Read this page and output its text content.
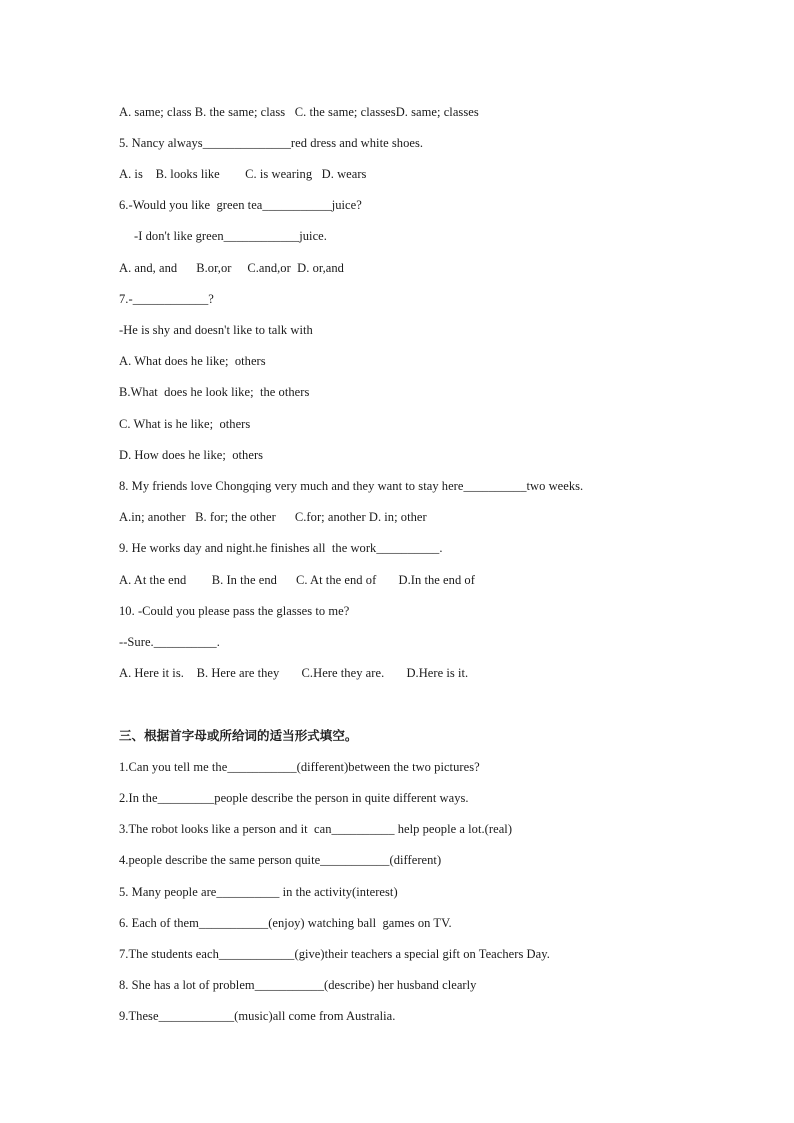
A. same; class B. the same; class   C. the same; classesD. same; classes
5. Nancy always______________red dress and white shoes.
A. is    B. looks like        C. is wearing   D. wears
6.-Would you like  green tea___________juice?
-I don't like green____________juice.
A. and, and      B.or,or     C.and,or  D. or,and
7.-____________?
-He is shy and doesn't like to talk with
A. What does he like;  others
B.What  does he look like;  the others
C. What is he like;  others
D. How does he like;  others
8. My friends love Chongqing very much and they want to stay here__________two weeks.
A.in; another   B. for; the other      C.for; another D. in; other
9. He works day and night.he finishes all  the work__________.
A. At the end        B. In the end      C. At the end of       D.In the end of
10. -Could you please pass the glasses to me?
--Sure.__________.
A. Here it is.    B. Here are they       C.Here they are.       D.Here is it.
三、根据首字母或所给词的适当形式填空。
1.Can you tell me the___________(different)between the two pictures?
2.In the_________people describe the person in quite different ways.
3.The robot looks like a person and it  can__________ help people a lot.(real)
4.people describe the same person quite___________(different)
5. Many people are__________ in the activity(interest)
6. Each of them___________(enjoy) watching ball  games on TV.
7.The students each____________(give)their teachers a special gift on Teachers Day.
8. She has a lot of problem___________(describe) her husband clearly
9.These____________(music)all come from Australia.
